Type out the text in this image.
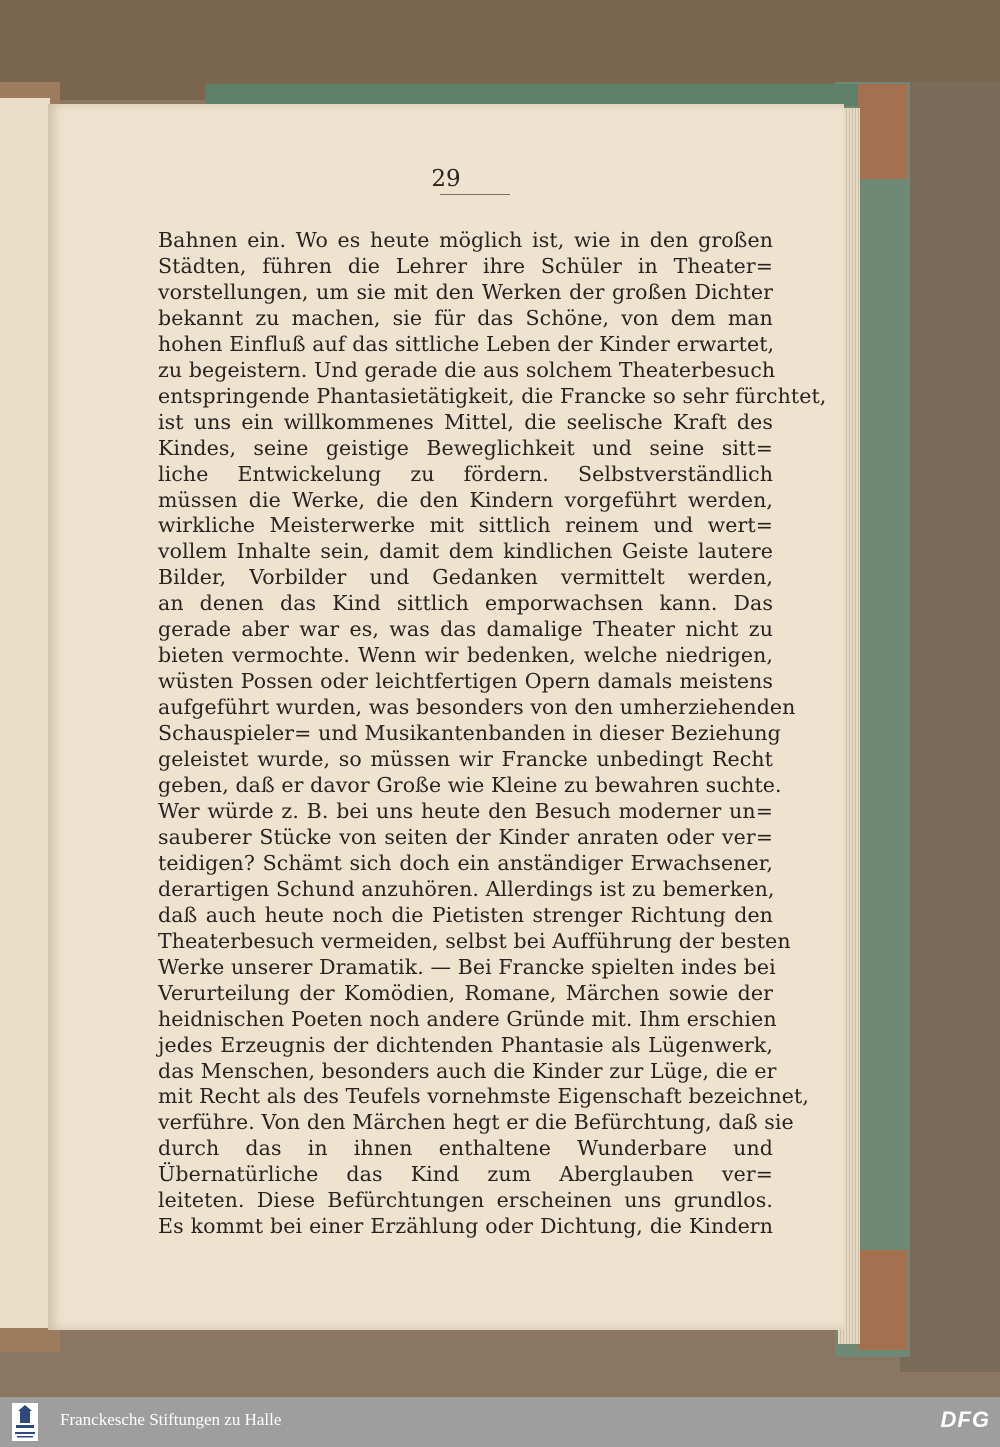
29
Bahnen ein. Wo es heute möglich ist, wie in den großen
Städten, führen die Lehrer ihre Schüler in Theater=
vorstellungen, um sie mit den Werken der großen Dichter
bekannt zu machen, sie für das Schöne, von dem man
hohen Einfluß auf das sittliche Leben der Kinder erwartet,
zu begeistern. Und gerade die aus solchem Theaterbesuch
entspringende Phantasietätigkeit, die Francke so sehr fürchtet,
ist uns ein willkommenes Mittel, die seelische Kraft des
Kindes, seine geistige Beweglichkeit und seine sitt=
liche Entwickelung zu fördern. Selbstverständlich
müssen die Werke, die den Kindern vorgeführt werden,
wirkliche Meisterwerke mit sittlich reinem und wert=
vollem Inhalte sein, damit dem kindlichen Geiste lautere
Bilder, Vorbilder und Gedanken vermittelt werden,
an denen das Kind sittlich emporwachsen kann. Das
gerade aber war es, was das damalige Theater nicht zu
bieten vermochte. Wenn wir bedenken, welche niedrigen,
wüsten Possen oder leichtfertigen Opern damals meistens
aufgeführt wurden, was besonders von den umherziehenden
Schauspieler= und Musikantenbanden in dieser Beziehung
geleistet wurde, so müssen wir Francke unbedingt Recht
geben, daß er davor Große wie Kleine zu bewahren suchte.
Wer würde z. B. bei uns heute den Besuch moderner un=
sauberer Stücke von seiten der Kinder anraten oder ver=
teidigen? Schämt sich doch ein anständiger Erwachsener,
derartigen Schund anzuhören. Allerdings ist zu bemerken,
daß auch heute noch die Pietisten strenger Richtung den
Theaterbesuch vermeiden, selbst bei Aufführung der besten
Werke unserer Dramatik. — Bei Francke spielten indes bei
Verurteilung der Komödien, Romane, Märchen sowie der
heidnischen Poeten noch andere Gründe mit. Ihm erschien
jedes Erzeugnis der dichtenden Phantasie als Lügenwerk,
das Menschen, besonders auch die Kinder zur Lüge, die er
mit Recht als des Teufels vornehmste Eigenschaft bezeichnet,
verführe. Von den Märchen hegt er die Befürchtung, daß sie
durch das in ihnen enthaltene Wunderbare und
Übernatürliche das Kind zum Aberglauben ver=
leiteten. Diese Befürchtungen erscheinen uns grundlos.
Es kommt bei einer Erzählung oder Dichtung, die Kindern
Franckesche Stiftungen zu Halle	DFG
